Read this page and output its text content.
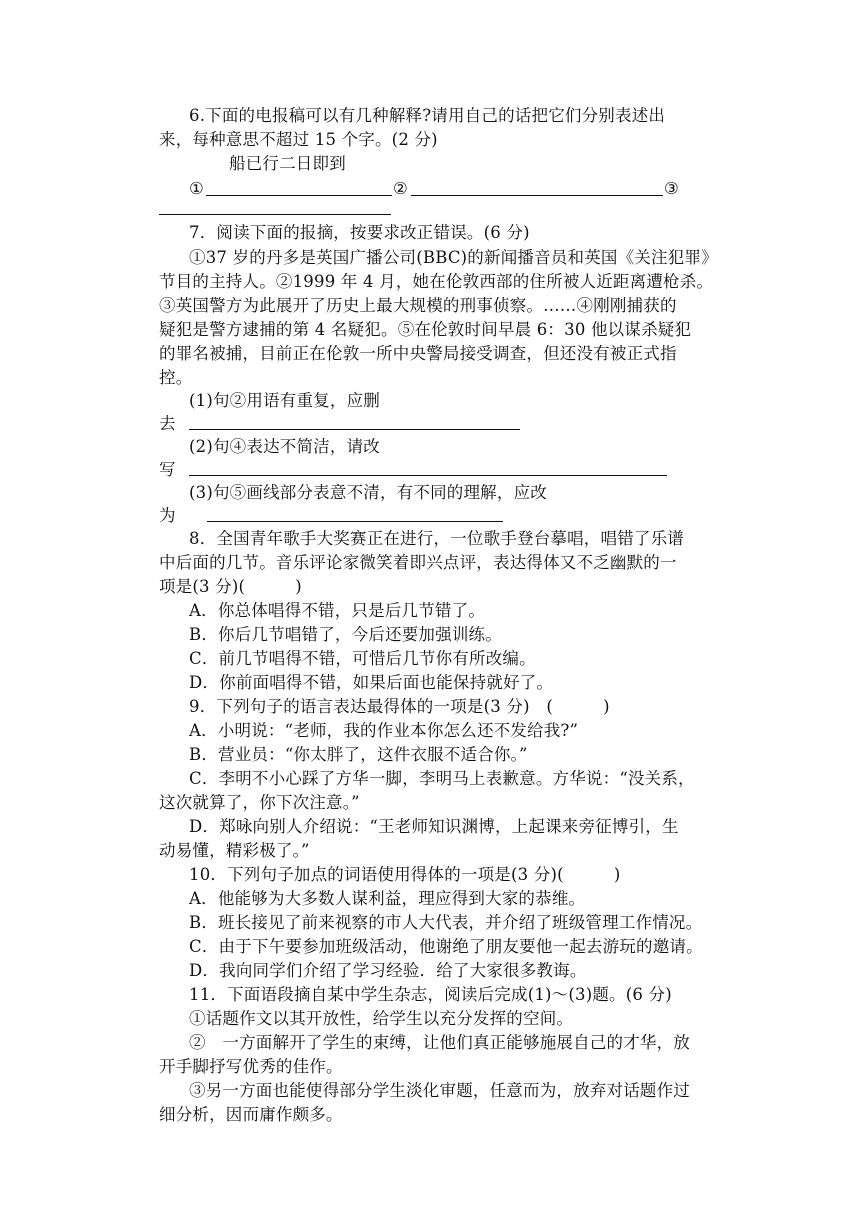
6.下面的电报稿可以有几种解释?请用自己的话把它们分别表述出
来，每种意思不超过 15 个字。(2 分)
船已行二日即到
①	②	③
7．阅读下面的报摘，按要求改正错误。(6 分)
①37 岁的丹多是英国广播公司(BBC)的新闻播音员和英国《关注犯罪》
节目的主持人。②1999 年 4 月，她在伦敦西部的住所被人近距离遭枪杀。
③英国警方为此展开了历史上最大规模的刑事侦察。……④刚刚捕获的
疑犯是警方逮捕的第 4 名疑犯。⑤在伦敦时间早晨 6：30 他以谋杀疑犯
的罪名被捕，目前正在伦敦一所中央警局接受调查，但还没有被正式指
控。
(1)句②用语有重复，应删
去
(2)句④表达不简洁，请改
写
(3)句⑤画线部分表意不清，有不同的理解，应改
为
8．全国青年歌手大奖赛正在进行，一位歌手登台摹唱，唱错了乐谱
中后面的几节。音乐评论家微笑着即兴点评，表达得体又不乏幽默的一
项是(3 分)(　　　)
A．你总体唱得不错，只是后几节错了。
B．你后几节唱错了，今后还要加强训练。
C．前几节唱得不错，可惜后几节你有所改编。
D．你前面唱得不错，如果后面也能保持就好了。
9．下列句子的语言表达最得体的一项是(3 分)　(　　　)
A．小明说：“老师，我的作业本你怎么还不发给我?”
B．营业员：“你太胖了，这件衣服不适合你。”
C．李明不小心踩了方华一脚，李明马上表歉意。方华说：“没关系，
这次就算了，你下次注意。”
D．郑咏向别人介绍说：“王老师知识渊博，上起课来旁征博引，生
动易懂，精彩极了。”
10．下列句子加点的词语使用得体的一项是(3 分)(　　　)
A．他能够为大多数人谋利益，理应得到大家的恭维。
B．班长接见了前来视察的市人大代表，并介绍了班级管理工作情况。
C．由于下午要参加班级活动，他谢绝了朋友要他一起去游玩的邀请。
D．我向同学们介绍了学习经验．给了大家很多教诲。
11．下面语段摘自某中学生杂志，阅读后完成(1)～(3)题。(6 分)
①话题作文以其开放性，给学生以充分发挥的空间。
②　一方面解开了学生的束缚，让他们真正能够施展自己的才华，放
开手脚抒写优秀的佳作。
③另一方面也能使得部分学生淡化审题，任意而为，放弃对话题作过
细分析，因而庸作颇多。
